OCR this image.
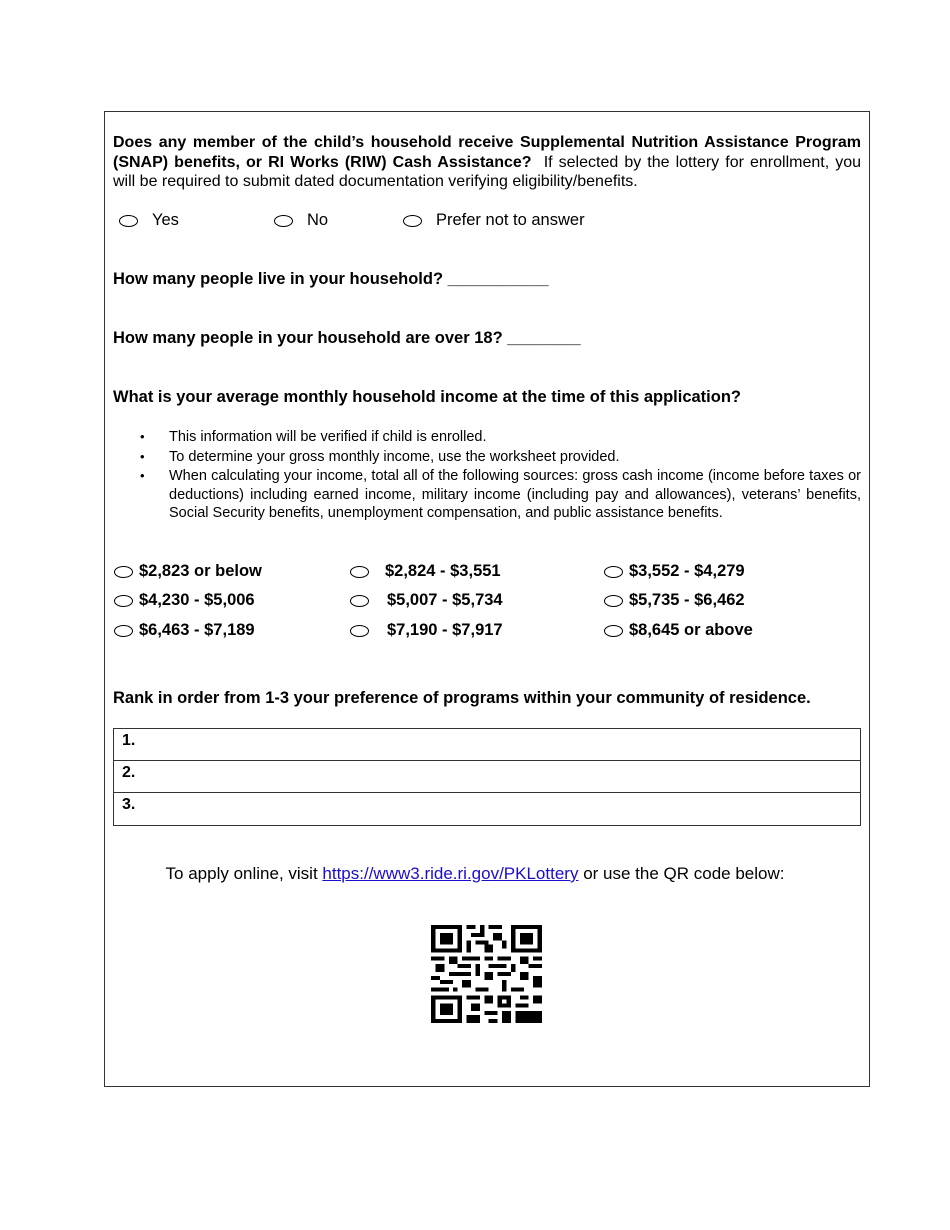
Does any member of the child’s household receive Supplemental Nutrition Assistance Program (SNAP) benefits, or RI Works (RIW) Cash Assistance? If selected by the lottery for enrollment, you will be required to submit dated documentation verifying eligibility/benefits.
Yes	No	Prefer not to answer
How many people live in your household? ___________
How many people in your household are over 18? ________
What is your average monthly household income at the time of this application?
•	This information will be verified if child is enrolled.
•	To determine your gross monthly income, use the worksheet provided.
•	When calculating your income, total all of the following sources: gross cash income (income before taxes or deductions) including earned income, military income (including pay and allowances), veterans’ benefits, Social Security benefits, unemployment compensation, and public assistance benefits.
$2,823 or below	$2,824 - $3,551	$3,552 - $4,279
$4,230 - $5,006	$5,007 - $5,734	$5,735 - $6,462
$6,463 - $7,189	$7,190 - $7,917	$8,645 or above
Rank in order from 1-3 your preference of programs within your community of residence.
1.
2.
3.
To apply online, visit https://www3.ride.ri.gov/PKLottery or use the QR code below:
